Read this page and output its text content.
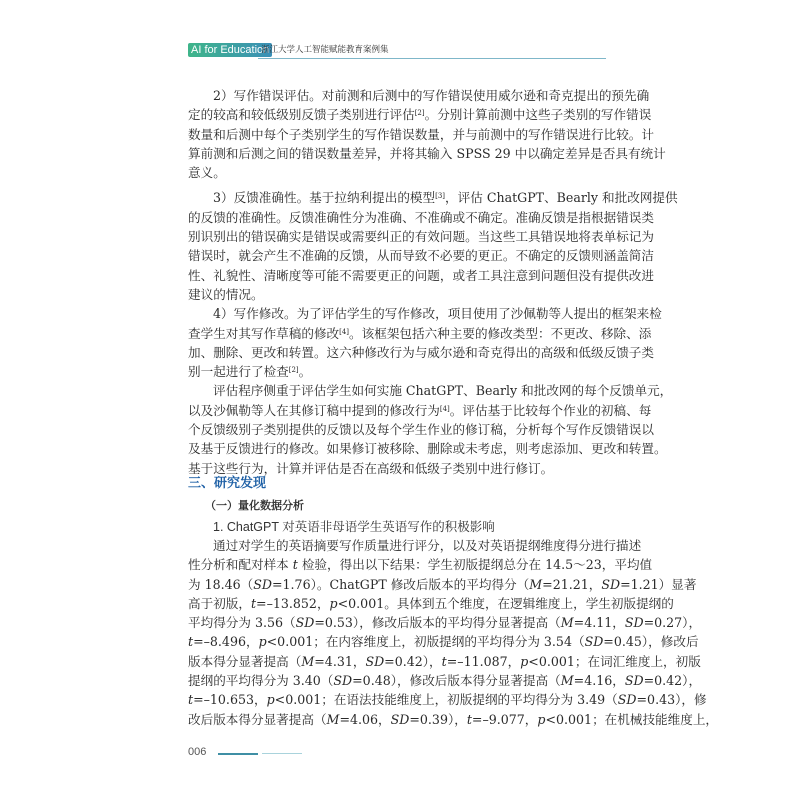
AI for Education
浙江大学人工智能赋能教育案例集
2）写作错误评估。对前测和后测中的写作错误使用威尔逊和奇克提出的预先确
定的较高和较低级别反馈子类别进行评估[2]。分别计算前测中这些子类别的写作错误
数量和后测中每个子类别学生的写作错误数量，并与前测中的写作错误进行比较。计
算前测和后测之间的错误数量差异，并将其输入 SPSS 29 中以确定差异是否具有统计
意义。
3）反馈准确性。基于拉纳利提出的模型[3]，评估 ChatGPT、Bearly 和批改网提供
的反馈的准确性。反馈准确性分为准确、不准确或不确定。准确反馈是指根据错误类
别识别出的错误确实是错误或需要纠正的有效问题。当这些工具错误地将表单标记为
错误时，就会产生不准确的反馈，从而导致不必要的更正。不确定的反馈则涵盖简洁
性、礼貌性、清晰度等可能不需要更正的问题，或者工具注意到问题但没有提供改进
建议的情况。
4）写作修改。为了评估学生的写作修改，项目使用了沙佩勒等人提出的框架来检
查学生对其写作草稿的修改[4]。该框架包括六种主要的修改类型：不更改、移除、添
加、删除、更改和转置。这六种修改行为与威尔逊和奇克得出的高级和低级反馈子类
别一起进行了检查[2]。
评估程序侧重于评估学生如何实施 ChatGPT、Bearly 和批改网的每个反馈单元，
以及沙佩勒等人在其修订稿中提到的修改行为[4]。评估基于比较每个作业的初稿、每
个反馈级别子类别提供的反馈以及每个学生作业的修订稿，分析每个写作反馈错误以
及基于反馈进行的修改。如果修订被移除、删除或未考虑，则考虑添加、更改和转置。
基于这些行为，计算并评估是否在高级和低级子类别中进行修订。
三、研究发现
（一）量化数据分析
1. ChatGPT 对英语非母语学生英语写作的积极影响
通过对学生的英语摘要写作质量进行评分，以及对英语提纲维度得分进行描述
性分析和配对样本 t 检验，得出以下结果：学生初版提纲总分在 14.5～23，平均值
为 18.46（SD=1.76）。ChatGPT 修改后版本的平均得分（M=21.21，SD=1.21）显著
高于初版，t=–13.852，p<0.001。具体到五个维度，在逻辑维度上，学生初版提纲的
平均得分为 3.56（SD=0.53），修改后版本的平均得分显著提高（M=4.11，SD=0.27），
t=–8.496，p<0.001；在内容维度上，初版提纲的平均得分为 3.54（SD=0.45），修改后
版本得分显著提高（M=4.31，SD=0.42），t=–11.087，p<0.001；在词汇维度上，初版
提纲的平均得分为 3.40（SD=0.48），修改后版本得分显著提高（M=4.16，SD=0.42），
t=–10.653，p<0.001；在语法技能维度上，初版提纲的平均得分为 3.49（SD=0.43），修
改后版本得分显著提高（M=4.06，SD=0.39），t=–9.077，p<0.001；在机械技能维度上，
006
